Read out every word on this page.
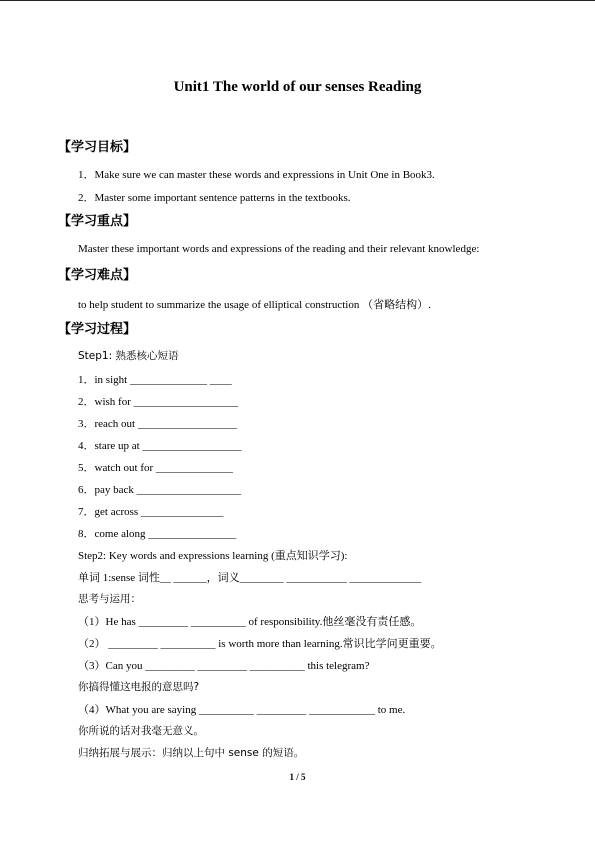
Unit1 The world of our senses Reading
【学习目标】
1．Make sure we can master these words and expressions in Unit One in Book3.
2．Master some important sentence patterns in the textbooks.
【学习重点】
Master these important words and expressions of the reading and their relevant knowledge:
【学习难点】
to help student to summarize the usage of elliptical construction （省略结构）.
【学习过程】
Step1: 熟悉核心短语
1．in sight ______________ ____
2．wish for ___________________
3．reach out __________________
4．stare up at __________________
5．watch out for ______________
6．pay back ___________________
7．get across _______________
8．come along ________________
Step2: Key words and expressions learning (重点知识学习):
单词 1:sense 词性__ ______，词义________ ___________ _____________
思考与运用：
（1）He has _________ __________ of responsibility.他丝毫没有责任感。
（2） _________ __________ is worth more than learning.常识比学问更重要。
（3）Can you _________ _________ __________ this telegram?
你搞得懂这电报的意思吗?
（4）What you are saying __________ _________ ____________ to me.
你所说的话对我毫无意义。
归纳拓展与展示：归纳以上句中 sense 的短语。
1 / 5
